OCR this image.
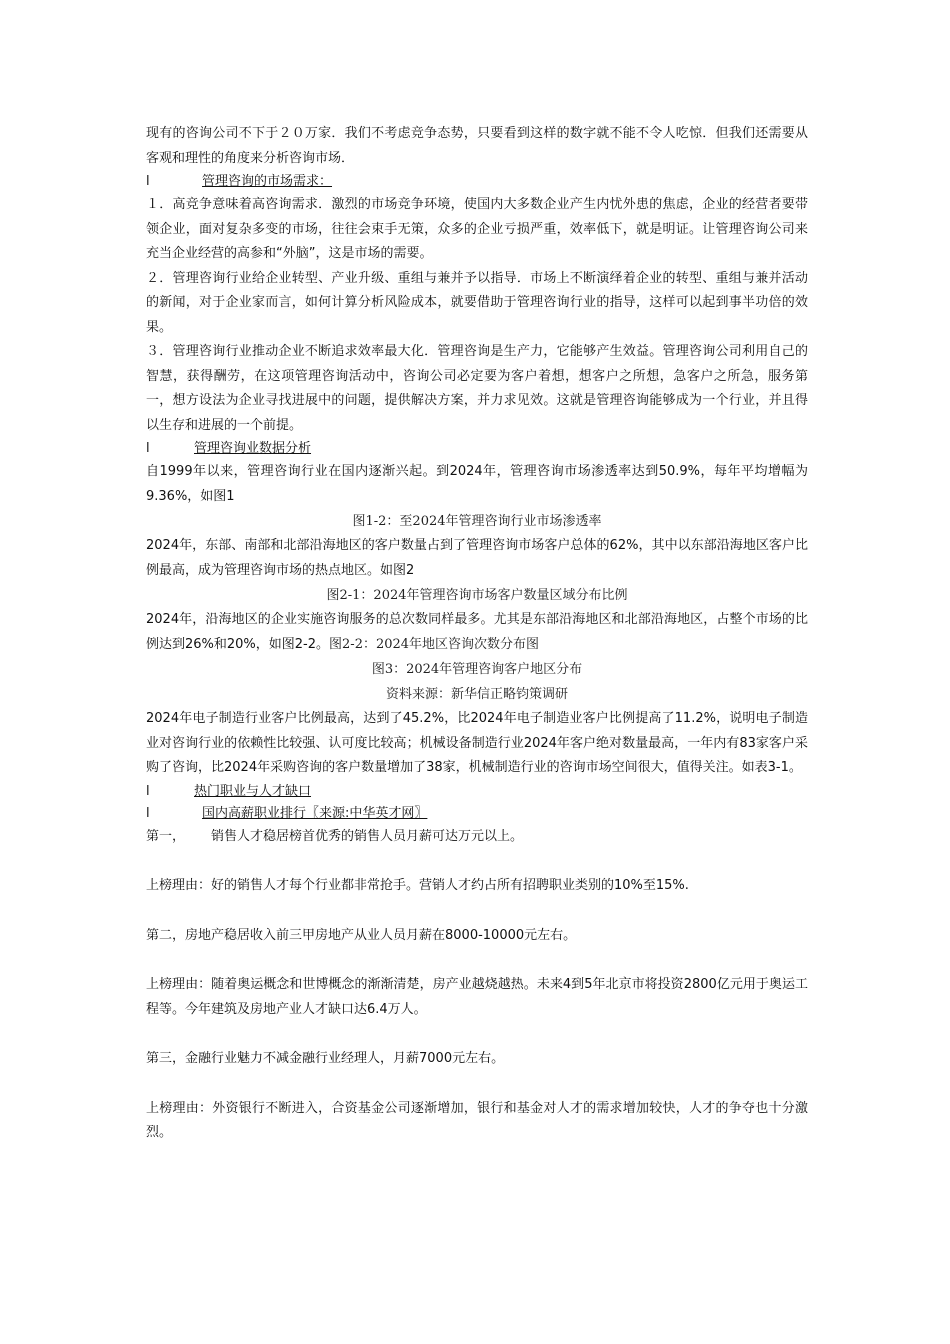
现有的咨询公司不下于２０万家．我们不考虑竞争态势，只要看到这样的数字就不能不令人吃惊．但我们还需要从客观和理性的角度来分析咨询市场．

l	管理咨询的市场需求：

１．高竞争意味着高咨询需求．激烈的市场竞争环境，使国内大多数企业产生内忧外患的焦虑，企业的经营者要带领企业，面对复杂多变的市场，往往会束手无策，众多的企业亏损严重，效率低下，就是明证。让管理咨询公司来充当企业经营的高参和“外脑”，这是市场的需要。

２．管理咨询行业给企业转型、产业升级、重组与兼并予以指导．市场上不断演绎着企业的转型、重组与兼并活动的新闻，对于企业家而言，如何计算分析风险成本，就要借助于管理咨询行业的指导，这样可以起到事半功倍的效果。

３．管理咨询行业推动企业不断追求效率最大化．管理咨询是生产力，它能够产生效益。管理咨询公司利用自己的智慧，获得酬劳，在这项管理咨询活动中，咨询公司必定要为客户着想，想客户之所想，急客户之所急，服务第一，想方设法为企业寻找进展中的问题，提供解决方案，并力求见效。这就是管理咨询能够成为一个行业，并且得以生存和进展的一个前提。

l	管理咨询业数据分析

自1999年以来，管理咨询行业在国内逐渐兴起。到2024年，管理咨询市场渗透率达到50.9%，每年平均增幅为9.36%，如图1

图1-2：至2024年管理咨询行业市场渗透率

2024年，东部、南部和北部沿海地区的客户数量占到了管理咨询市场客户总体的62%，其中以东部沿海地区客户比例最高，成为管理咨询市场的热点地区。如图2

图2-1：2024年管理咨询市场客户数量区域分布比例

2024年，沿海地区的企业实施咨询服务的总次数同样最多。尤其是东部沿海地区和北部沿海地区，占整个市场的比例达到26%和20%，如图2-2。图2-2：2024年地区咨询次数分布图

图3：2024年管理咨询客户地区分布

资料来源：新华信正略钧策调研

2024年电子制造行业客户比例最高，达到了45.2%，比2024年电子制造业客户比例提高了11.2%，说明电子制造业对咨询行业的依赖性比较强、认可度比较高；机械设备制造行业2024年客户绝对数量最高，一年内有83家客户采购了咨询，比2024年采购咨询的客户数量增加了38家，机械制造行业的咨询市场空间很大，值得关注。如表3-1。

l	热门职业与人才缺口
l	国内高薪职业排行〖来源:中华英才网〗

第一， 销售人才稳居榜首优秀的销售人员月薪可达万元以上。

上榜理由：好的销售人才每个行业都非常抢手。营销人才约占所有招聘职业类别的10%至15%.

第二，房地产稳居收入前三甲房地产从业人员月薪在8000-10000元左右。

上榜理由：随着奥运概念和世博概念的渐渐清楚，房产业越烧越热。未来4到5年北京市将投资2800亿元用于奥运工程等。今年建筑及房地产业人才缺口达6.4万人。

第三，金融行业魅力不减金融行业经理人，月薪7000元左右。

上榜理由：外资银行不断进入，合资基金公司逐渐增加，银行和基金对人才的需求增加较快，人才的争夺也十分激烈。
